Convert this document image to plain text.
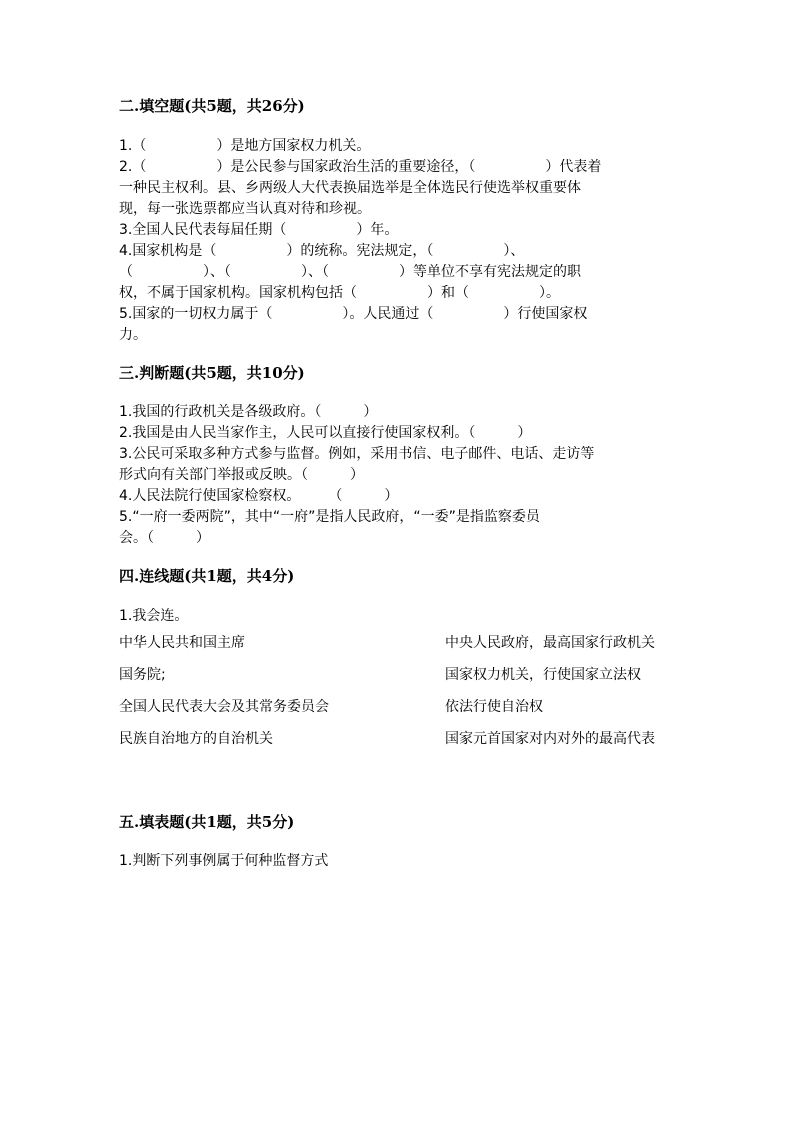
二.填空题(共5题，共26分)
1.（　　　　　）是地方国家权力机关。
2.（　　　　　）是公民参与国家政治生活的重要途径，（　　　　　）代表着
一种民主权利。县、乡两级人大代表换届选举是全体选民行使选举权重要体
现，每一张选票都应当认真对待和珍视。
3.全国人民代表每届任期（　　　　　）年。
4.国家机构是（　　　　　）的统称。宪法规定，（　　　　　）、
（　　　　　）、（　　　　　）、（　　　　　）等单位不享有宪法规定的职
权，不属于国家机构。国家机构包括（　　　　　）和（　　　　　）。
5.国家的一切权力属于（　　　　　）。人民通过（　　　　　）行使国家权
力。
三.判断题(共5题，共10分)
1.我国的行政机关是各级政府。（　　　）
2.我国是由人民当家作主，人民可以直接行使国家权利。（　　　）
3.公民可采取多种方式参与监督。例如，采用书信、电子邮件、电话、走访等
形式向有关部门举报或反映。（　　　）
4.人民法院行使国家检察权。　　　（　　　）
5.“一府一委两院”，其中“一府”是指人民政府，“一委”是指监察委员
会。（　　　）
四.连线题(共1题，共4分)
1.我会连。
中华人民共和国主席	中央人民政府，最高国家行政机关
国务院;	国家权力机关，行使国家立法权
全国人民代表大会及其常务委员会	依法行使自治权
民族自治地方的自治机关	国家元首国家对内对外的最高代表
五.填表题(共1题，共5分)
1.判断下列事例属于何种监督方式
